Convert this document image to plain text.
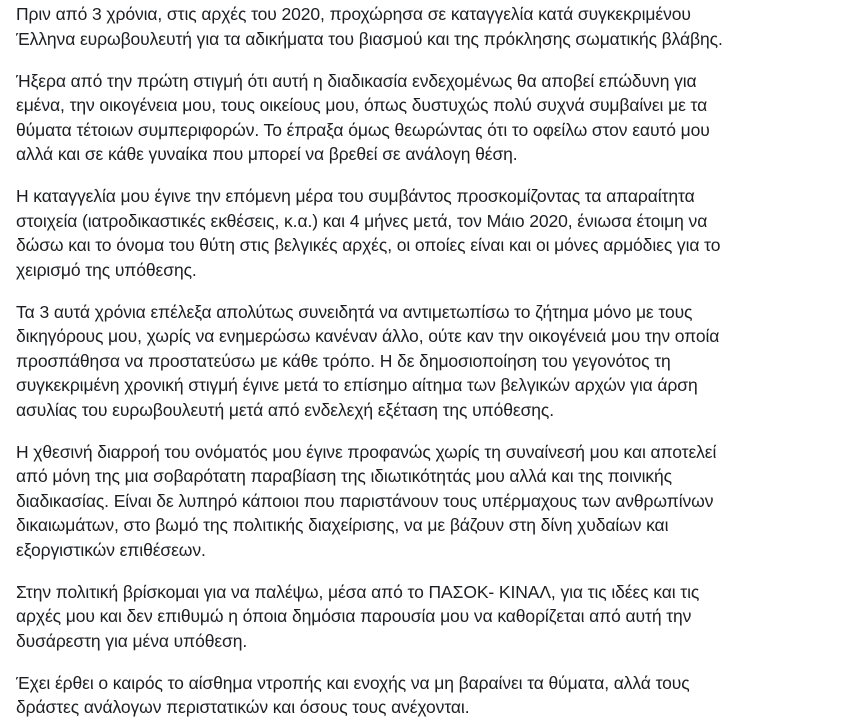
Πριν από 3 χρόνια, στις αρχές του 2020, προχώρησα σε καταγγελία κατά συγκεκριμένου
Έλληνα ευρωβουλευτή για τα αδικήματα του βιασμού και της πρόκλησης σωματικής βλάβης.

Ήξερα από την πρώτη στιγμή ότι αυτή η διαδικασία ενδεχομένως θα αποβεί επώδυνη για
εμένα, την οικογένεια μου, τους οικείους μου, όπως δυστυχώς πολύ συχνά συμβαίνει με τα
θύματα τέτοιων συμπεριφορών. Το έπραξα όμως θεωρώντας ότι το οφείλω στον εαυτό μου
αλλά και σε κάθε γυναίκα που μπορεί να βρεθεί σε ανάλογη θέση.

Η καταγγελία μου έγινε την επόμενη μέρα του συμβάντος προσκομίζοντας τα απαραίτητα
στοιχεία (ιατροδικαστικές εκθέσεις, κ.α.) και 4 μήνες μετά, τον Μάιο 2020, ένιωσα έτοιμη να
δώσω και το όνομα του θύτη στις βελγικές αρχές, οι οποίες είναι και οι μόνες αρμόδιες για το
χειρισμό της υπόθεσης.

Τα 3 αυτά χρόνια επέλεξα απολύτως συνειδητά να αντιμετωπίσω το ζήτημα μόνο με τους
δικηγόρους μου, χωρίς να ενημερώσω κανέναν άλλο, ούτε καν την οικογένειά μου την οποία
προσπάθησα να προστατεύσω με κάθε τρόπο. Η δε δημοσιοποίηση του γεγονότος τη
συγκεκριμένη χρονική στιγμή έγινε μετά το επίσημο αίτημα των βελγικών αρχών για άρση
ασυλίας του ευρωβουλευτή μετά από ενδελεχή εξέταση της υπόθεσης.

Η χθεσινή διαρροή του ονόματός μου έγινε προφανώς χωρίς τη συναίνεσή μου και αποτελεί
από μόνη της μια σοβαρότατη παραβίαση της ιδιωτικότητάς μου αλλά και της ποινικής
διαδικασίας. Είναι δε λυπηρό κάποιοι που παριστάνουν τους υπέρμαχους των ανθρωπίνων
δικαιωμάτων, στο βωμό της πολιτικής διαχείρισης, να με βάζουν στη δίνη χυδαίων και
εξοργιστικών επιθέσεων.

Στην πολιτική βρίσκομαι για να παλέψω, μέσα από το ΠΑΣΟΚ- ΚΙΝΑΛ, για τις ιδέες και τις
αρχές μου και δεν επιθυμώ η όποια δημόσια παρουσία μου να καθορίζεται από αυτή την
δυσάρεστη για μένα υπόθεση.

Έχει έρθει ο καιρός το αίσθημα ντροπής και ενοχής να μη βαραίνει τα θύματα, αλλά τους
δράστες ανάλογων περιστατικών και όσους τους ανέχονται.
